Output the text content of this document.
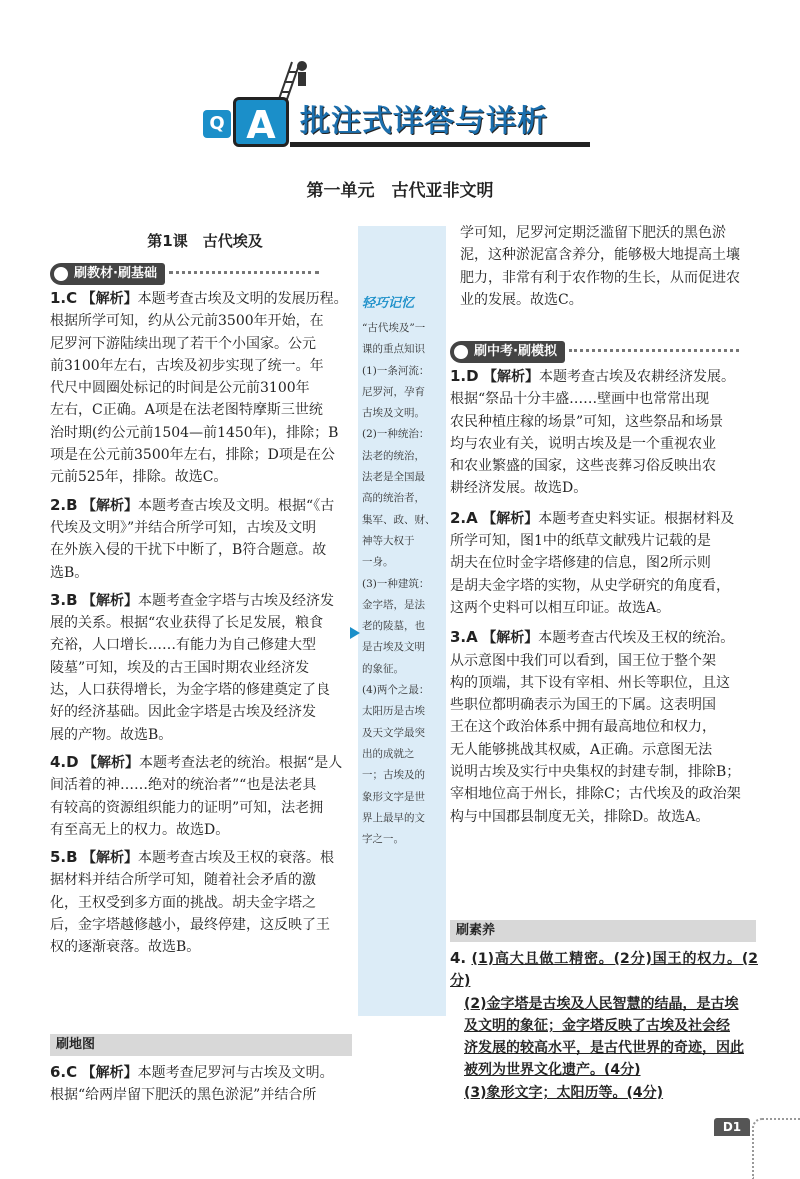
Q A 批注式详答与详析
第一单元　古代亚非文明
第1课　古代埃及
轻巧记忆
“古代埃及”一
课的重点知识
(1)一条河流：
尼罗河，孕育
古埃及文明。
(2)一种统治：
法老的统治，
法老是全国最
高的统治者，
集军、政、财、
神等大权于
一身。
(3)一种建筑：
金字塔，是法
老的陵墓，也
是古埃及文明
的象征。
(4)两个之最：
太阳历是古埃
及天文学最突
出的成就之
一；古埃及的
象形文字是世
界上最早的文
字之一。
刷教材·刷基础
1.C 【解析】本题考查古埃及文明的发展历程。
根据所学可知，约从公元前3500年开始，在
尼罗河下游陆续出现了若干个小国家。公元
前3100年左右，古埃及初步实现了统一。年
代尺中圆圈处标记的时间是公元前3100年
左右，C正确。A项是在法老图特摩斯三世统
治时期(约公元前1504—前1450年)，排除；B
项是在公元前3500年左右，排除；D项是在公
元前525年，排除。故选C。
2.B 【解析】本题考查古埃及文明。根据“《古
代埃及文明》”并结合所学可知，古埃及文明
在外族入侵的干扰下中断了，B符合题意。故
选B。
3.B 【解析】本题考查金字塔与古埃及经济发
展的关系。根据“农业获得了长足发展，粮食
充裕，人口增长……有能力为自己修建大型
陵墓”可知，埃及的古王国时期农业经济发
达，人口获得增长，为金字塔的修建奠定了良
好的经济基础。因此金字塔是古埃及经济发
展的产物。故选B。
4.D 【解析】本题考查法老的统治。根据“是人
间活着的神……绝对的统治者”“也是法老具
有较高的资源组织能力的证明”可知，法老拥
有至高无上的权力。故选D。
5.B 【解析】本题考查古埃及王权的衰落。根
据材料并结合所学可知，随着社会矛盾的激
化，王权受到多方面的挑战。胡夫金字塔之
后，金字塔越修越小，最终停建，这反映了王
权的逐渐衰落。故选B。
刷地图
6.C 【解析】本题考查尼罗河与古埃及文明。
根据“给两岸留下肥沃的黑色淤泥”并结合所
学可知，尼罗河定期泛滥留下肥沃的黑色淤
泥，这种淤泥富含养分，能够极大地提高土壤
肥力，非常有利于农作物的生长，从而促进农
业的发展。故选C。
刷中考·刷模拟
1.D 【解析】本题考查古埃及农耕经济发展。
根据“祭品十分丰盛……壁画中也常常出现
农民种植庄稼的场景”可知，这些祭品和场景
均与农业有关，说明古埃及是一个重视农业
和农业繁盛的国家，这些丧葬习俗反映出农
耕经济发展。故选D。
2.A 【解析】本题考查史料实证。根据材料及
所学可知，图1中的纸草文献残片记载的是
胡夫在位时金字塔修建的信息，图2所示则
是胡夫金字塔的实物，从史学研究的角度看，
这两个史料可以相互印证。故选A。
3.A 【解析】本题考查古代埃及王权的统治。
从示意图中我们可以看到，国王位于整个架
构的顶端，其下设有宰相、州长等职位，且这
些职位都明确表示为国王的下属。这表明国
王在这个政治体系中拥有最高地位和权力，
无人能够挑战其权威，A正确。示意图无法
说明古埃及实行中央集权的封建专制，排除B；
宰相地位高于州长，排除C；古代埃及的政治架
构与中国郡县制度无关，排除D。故选A。
刷素养
4. (1)高大且做工精密。(2分)国王的权力。(2分)
(2)金字塔是古埃及人民智慧的结晶，是古埃
及文明的象征；金字塔反映了古埃及社会经
济发展的较高水平，是古代世界的奇迹，因此
被列为世界文化遗产。(4分)
(3)象形文字；太阳历等。(4分)
D1
